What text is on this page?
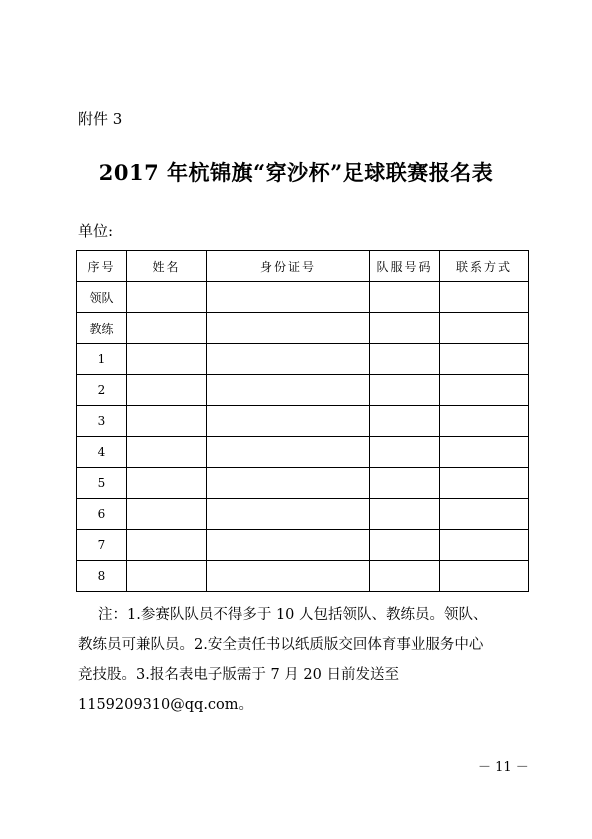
附件 3
2017 年杭锦旗“穿沙杯”足球联赛报名表
单位:
序号	姓名	身份证号	队服号码	联系方式
领队				
教练				
1				
2				
3				
4				
5				
6				
7				
8				
注：1.参赛队队员不得多于 10 人包括领队、教练员。领队、
教练员可兼队员。2.安全责任书以纸质版交回体育事业服务中心
竞技股。3.报名表电子版需于 7 月 20 日前发送至
1159209310@qq.com。
－ 11 －
